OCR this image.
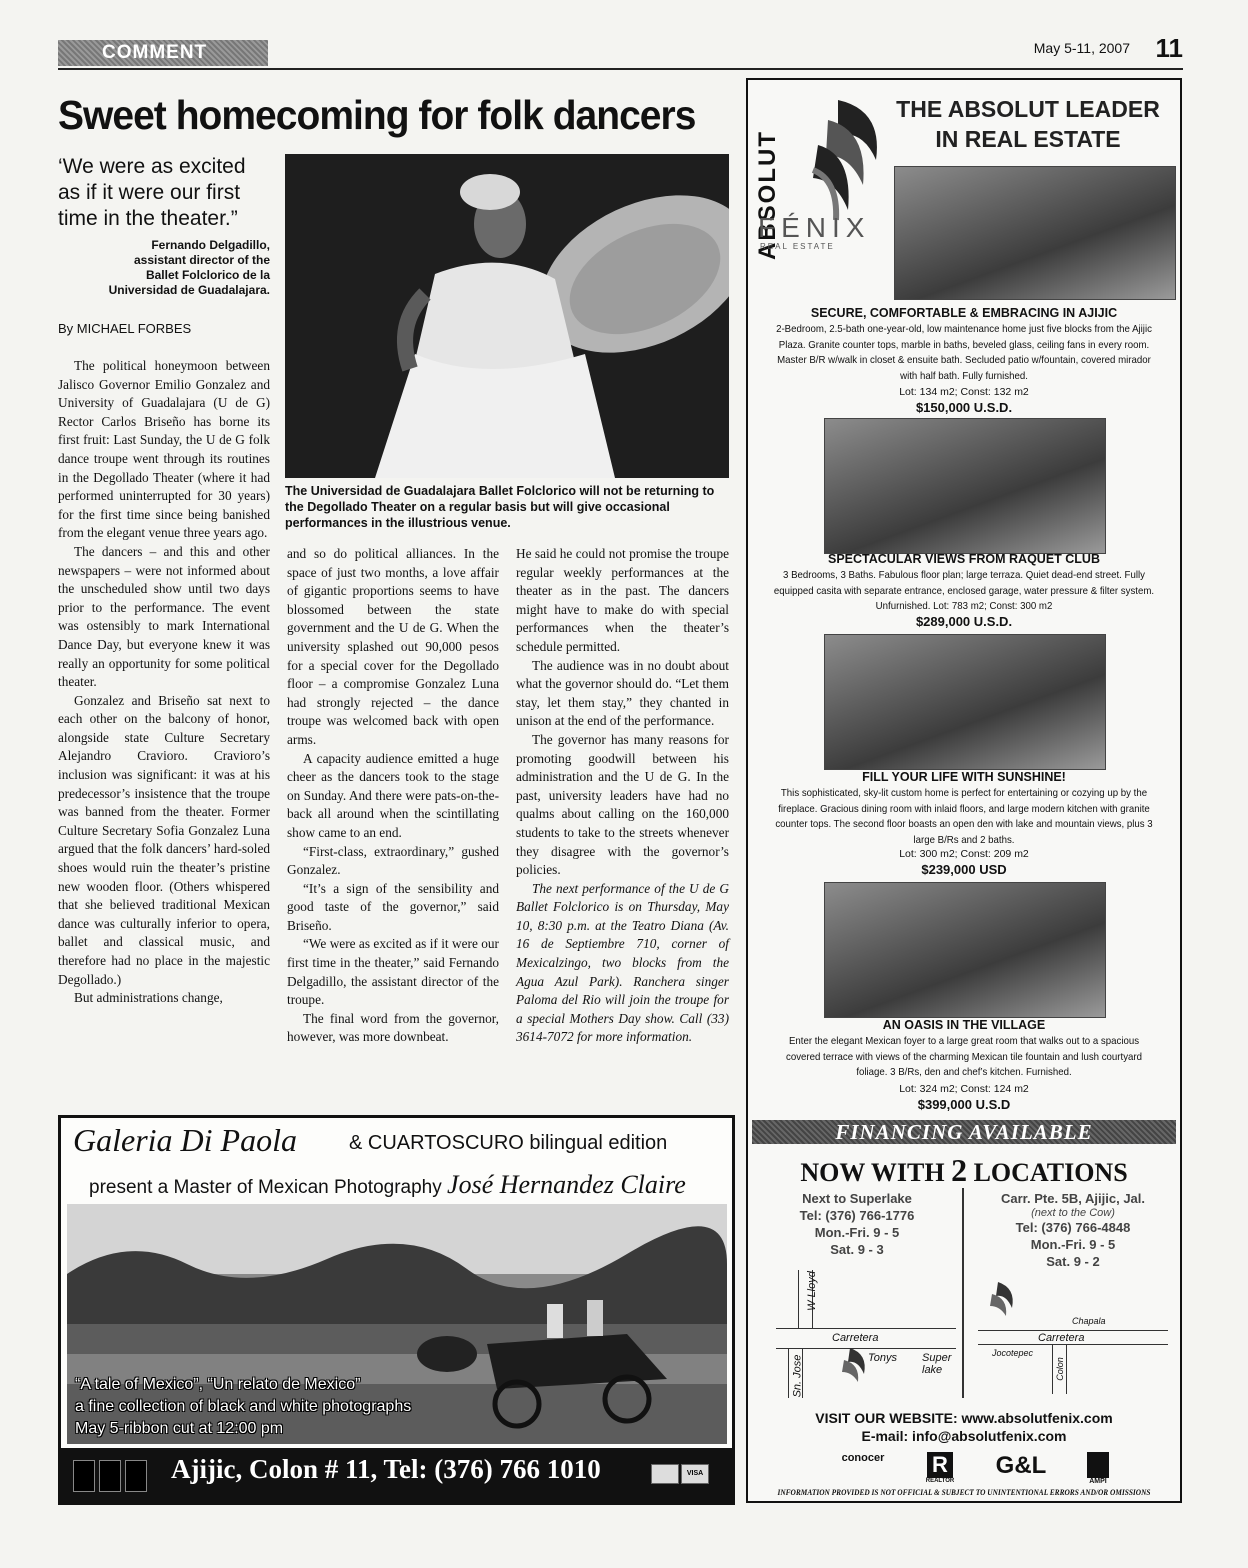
COMMENT	May 5-11, 2007 11
Sweet homecoming for folk dancers
‘We were as excited as if it were our first time in the theater.”
Fernando Delgadillo,
assistant director of the
Ballet Folclorico de la
Universidad de Guadalajara.
By MICHAEL FORBES
The Universidad de Guadalajara Ballet Folclorico will not be returning to the Degollado Theater on a regular basis but will give occasional performances in the illustrious venue.

The political honeymoon between Jalisco Governor Emilio Gonzalez and University of Guadalajara (U de G) Rector Carlos Briseño has borne its first fruit: Last Sunday, the U de G folk dance troupe went through its routines in the Degollado Theater (where it had performed uninterrupted for 30 years) for the first time since being banished from the elegant venue three years ago.

The dancers – and this and other newspapers – were not informed about the unscheduled show until two days prior to the performance. The event was ostensibly to mark International Dance Day, but everyone knew it was really an opportunity for some political theater.

Gonzalez and Briseño sat next to each other on the balcony of honor, alongside state Culture Secretary Alejandro Cravioro. Cravioro’s inclusion was significant: it was at his predecessor’s insistence that the troupe was banned from the theater. Former Culture Secretary Sofia Gonzalez Luna argued that the folk dancers’ hard-soled shoes would ruin the theater’s pristine new wooden floor. (Others whispered that she believed traditional Mexican dance was culturally inferior to opera, ballet and classical music, and therefore had no place in the majestic Degollado.)

But administrations change,

and so do political alliances. In the space of just two months, a love affair of gigantic proportions seems to have blossomed between the state government and the U de G. When the university splashed out 90,000 pesos for a special cover for the Degollado floor – a compromise Gonzalez Luna had strongly rejected – the dance troupe was welcomed back with open arms.

A capacity audience emitted a huge cheer as the dancers took to the stage on Sunday. And there were pats-on-the-back all around when the scintillating show came to an end.

“First-class, extraordinary,” gushed Gonzalez.

“It’s a sign of the sensibility and good taste of the governor,” said Briseño.

“We were as excited as if it were our first time in the theater,” said Fernando Delgadillo, the assistant director of the troupe.

The final word from the governor, however, was more downbeat.

He said he could not promise the troupe regular weekly performances at the theater as in the past. The dancers might have to make do with special performances when the theater’s schedule permitted.

The audience was in no doubt about what the governor should do. “Let them stay, let them stay,” they chanted in unison at the end of the performance.

The governor has many reasons for promoting goodwill between his administration and the U de G. In the past, university leaders have had no qualms about calling on the 160,000 students to take to the streets whenever they disagree with the governor’s policies.

The next performance of the U de G Ballet Folclorico is on Thursday, May 10, 8:30 p.m. at the Teatro Diana (Av. 16 de Septiembre 710, corner of Mexicalzingo, two blocks from the Agua Azul Park). Ranchera singer Paloma del Rio will join the troupe for a special Mothers Day show. Call (33) 3614-7072 for more information.

ABSOLUT
FÉNIX
REAL ESTATE
THE ABSOLUT LEADER
IN REAL ESTATE
SECURE, COMFORTABLE & EMBRACING IN AJIJIC
2-Bedroom, 2.5-bath one-year-old, low maintenance home just five blocks from the Ajijic Plaza. Granite counter tops, marble in baths, beveled glass, ceiling fans in every room. Master B/R w/walk in closet & ensuite bath. Secluded patio w/fountain, covered mirador with half bath. Fully furnished.
Lot: 134 m2; Const: 132 m2
$150,000 U.S.D.
SPECTACULAR VIEWS FROM RAQUET CLUB
3 Bedrooms, 3 Baths. Fabulous floor plan; large terraza. Quiet dead-end street. Fully equipped casita with separate entrance, enclosed garage, water pressure & filter system. Unfurnished. Lot: 783 m2; Const: 300 m2
$289,000 U.S.D.
FILL YOUR LIFE WITH SUNSHINE!
This sophisticated, sky-lit custom home is perfect for entertaining or cozying up by the fireplace. Gracious dining room with inlaid floors, and large modern kitchen with granite counter tops. The second floor boasts an open den with lake and mountain views, plus 3 large B/Rs and 2 baths.
Lot: 300 m2; Const: 209 m2
$239,000 USD
AN OASIS IN THE VILLAGE
Enter the elegant Mexican foyer to a large great room that walks out to a spacious covered terrace with views of the charming Mexican tile fountain and lush courtyard foliage. 3 B/Rs, den and chef’s kitchen. Furnished.
Lot: 324 m2; Const: 124 m2
$399,000 U.S.D
FINANCING AVAILABLE
NOW WITH 2 LOCATIONS
Next to Superlake
Tel: (376) 766-1776
Mon.-Fri. 9 - 5
Sat. 9 - 3
Carr. Pte. 5B, Ajijic, Jal.
(next to the Cow)
Tel: (376) 766-4848
Mon.-Fri. 9 - 5
Sat. 9 - 2
W Lloyd
Carretera
Tonys Super lake
Sn. Jose
Chapala
Carretera
Jocotepec
Colon
VISIT OUR WEBSITE: www.absolutfenix.com
E-mail: info@absolutfenix.com
conocer	R
REALTOR
G&L
AMPI
INFORMATION PROVIDED IS NOT OFFICIAL & SUBJECT TO UNINTENTIONAL ERRORS AND/OR OMISSIONS
Galeria Di Paola	& CUARTOSCURO bilingual edition
present a Master of Mexican Photography José Hernandez Claire
“A tale of Mexico”, “Un relato de Mexico”
a fine collection of black and white photographs
May 5-ribbon cut at 12:00 pm
Ajijic, Colon # 11, Tel: (376) 766 1010	VISA
